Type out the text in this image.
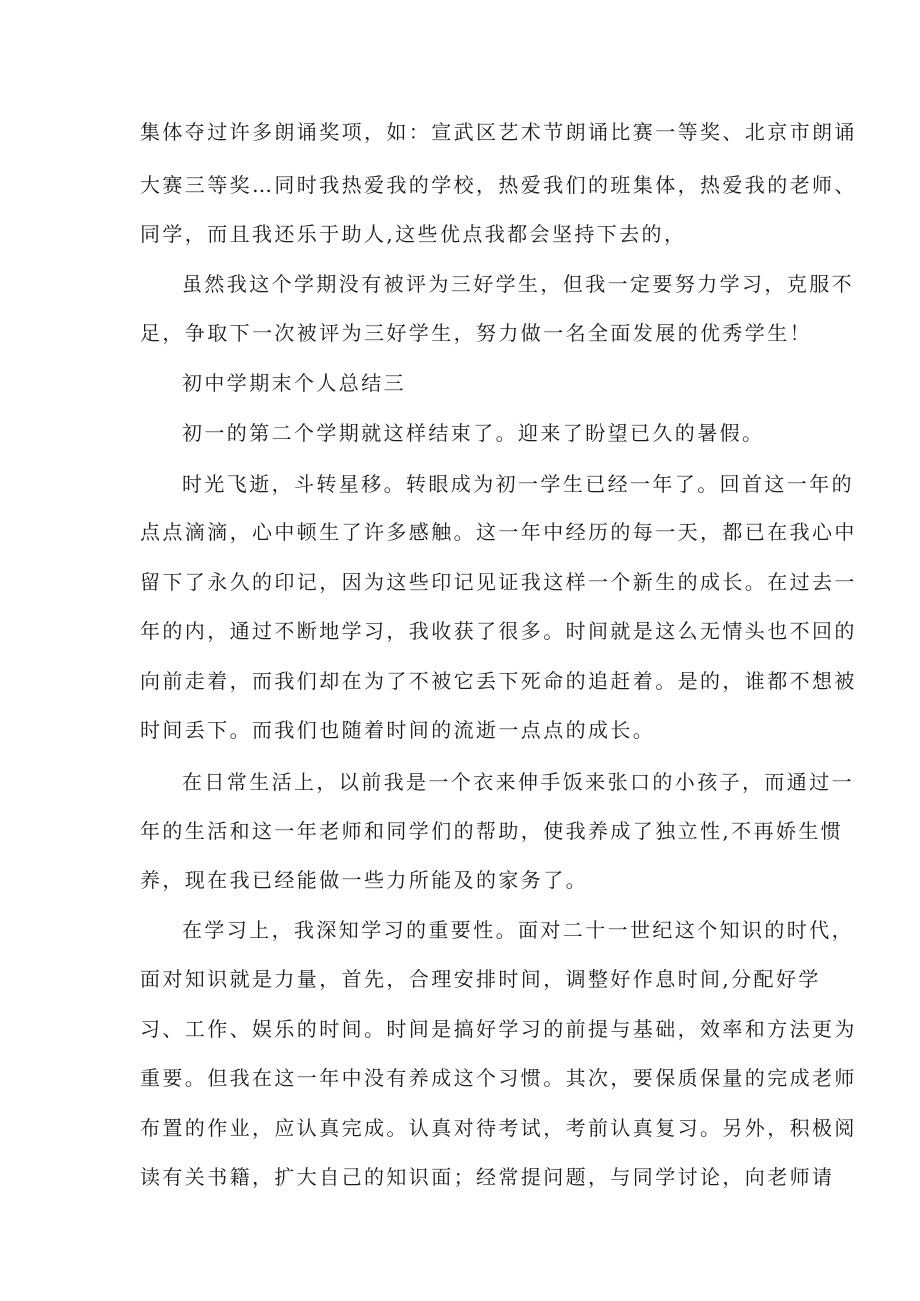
集体夺过许多朗诵奖项，如：宣武区艺术节朗诵比赛一等奖、北京市朗诵
大赛三等奖…同时我热爱我的学校，热爱我们的班集体，热爱我的老师、
同学，而且我还乐于助人,这些优点我都会坚持下去的，
虽然我这个学期没有被评为三好学生，但我一定要努力学习，克服不
足，争取下一次被评为三好学生，努力做一名全面发展的优秀学生！
初中学期末个人总结三
初一的第二个学期就这样结束了。迎来了盼望已久的暑假。
时光飞逝，斗转星移。转眼成为初一学生已经一年了。回首这一年的
点点滴滴，心中顿生了许多感触。这一年中经历的每一天，都已在我心中
留下了永久的印记，因为这些印记见证我这样一个新生的成长。在过去一
年的内，通过不断地学习，我收获了很多。时间就是这么无情头也不回的
向前走着，而我们却在为了不被它丢下死命的追赶着。是的，谁都不想被
时间丢下。而我们也随着时间的流逝一点点的成长。
在日常生活上，以前我是一个衣来伸手饭来张口的小孩子，而通过一
年的生活和这一年老师和同学们的帮助，使我养成了独立性,不再娇生惯
养，现在我已经能做一些力所能及的家务了。
在学习上，我深知学习的重要性。面对二十一世纪这个知识的时代，
面对知识就是力量，首先，合理安排时间，调整好作息时间,分配好学
习、工作、娱乐的时间。时间是搞好学习的前提与基础，效率和方法更为
重要。但我在这一年中没有养成这个习惯。其次，要保质保量的完成老师
布置的作业，应认真完成。认真对待考试，考前认真复习。另外，积极阅
读有关书籍，扩大自己的知识面；经常提问题，与同学讨论，向老师请
